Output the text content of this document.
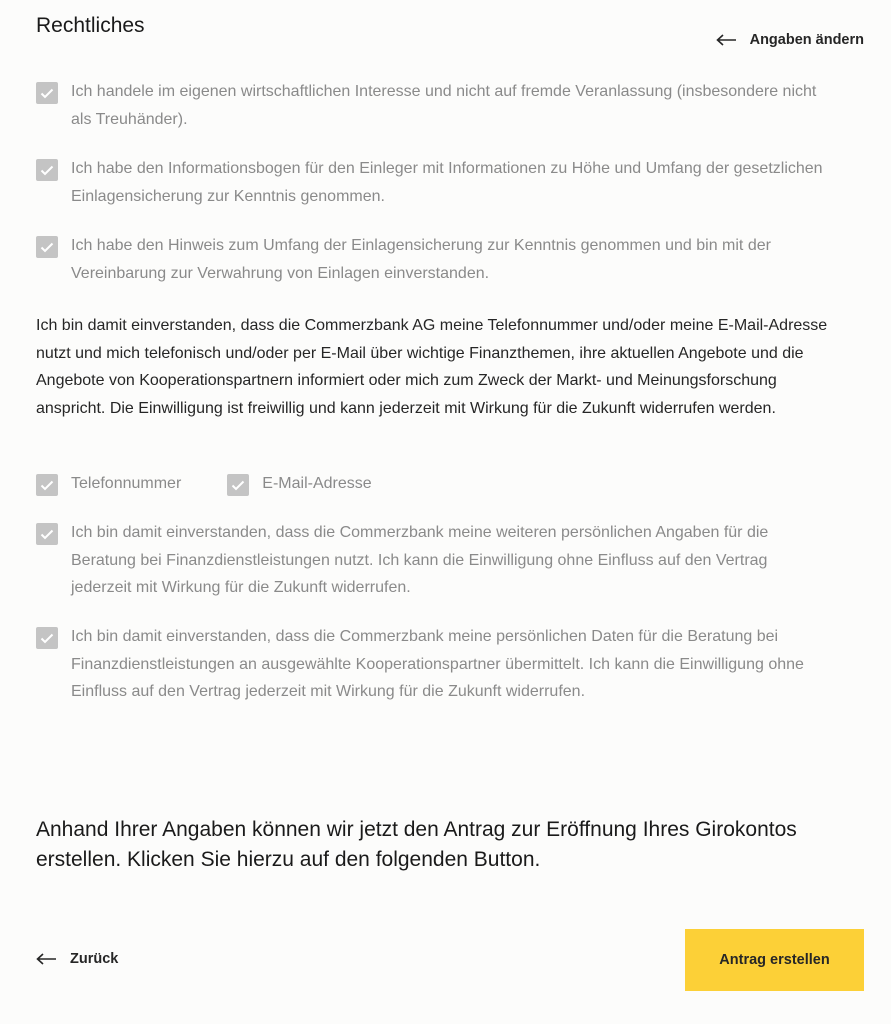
Rechtliches
Angaben ändern
Ich handele im eigenen wirtschaftlichen Interesse und nicht auf fremde Veranlassung (insbesondere nicht als Treuhänder).
Ich habe den Informationsbogen für den Einleger mit Informationen zu Höhe und Umfang der gesetzlichen Einlagensicherung zur Kenntnis genommen.
Ich habe den Hinweis zum Umfang der Einlagensicherung zur Kenntnis genommen und bin mit der Vereinbarung zur Verwahrung von Einlagen einverstanden.

Ich bin damit einverstanden, dass die Commerzbank AG meine Telefonnummer und/oder meine E-Mail-Adresse nutzt und mich telefonisch und/oder per E-Mail über wichtige Finanzthemen, ihre aktuellen Angebote und die Angebote von Kooperationspartnern informiert oder mich zum Zweck der Markt- und Meinungsforschung anspricht. Die Einwilligung ist freiwillig und kann jederzeit mit Wirkung für die Zukunft widerrufen werden.

Telefonnummer	E-Mail-Adresse
Ich bin damit einverstanden, dass die Commerzbank meine weiteren persönlichen Angaben für die Beratung bei Finanzdienstleistungen nutzt. Ich kann die Einwilligung ohne Einfluss auf den Vertrag jederzeit mit Wirkung für die Zukunft widerrufen.
Ich bin damit einverstanden, dass die Commerzbank meine persönlichen Daten für die Beratung bei Finanzdienstleistungen an ausgewählte Kooperationspartner übermittelt. Ich kann die Einwilligung ohne Einfluss auf den Vertrag jederzeit mit Wirkung für die Zukunft widerrufen.

Anhand Ihrer Angaben können wir jetzt den Antrag zur Eröffnung Ihres Girokontos erstellen. Klicken Sie hierzu auf den folgenden Button.

Zurück	Antrag erstellen
